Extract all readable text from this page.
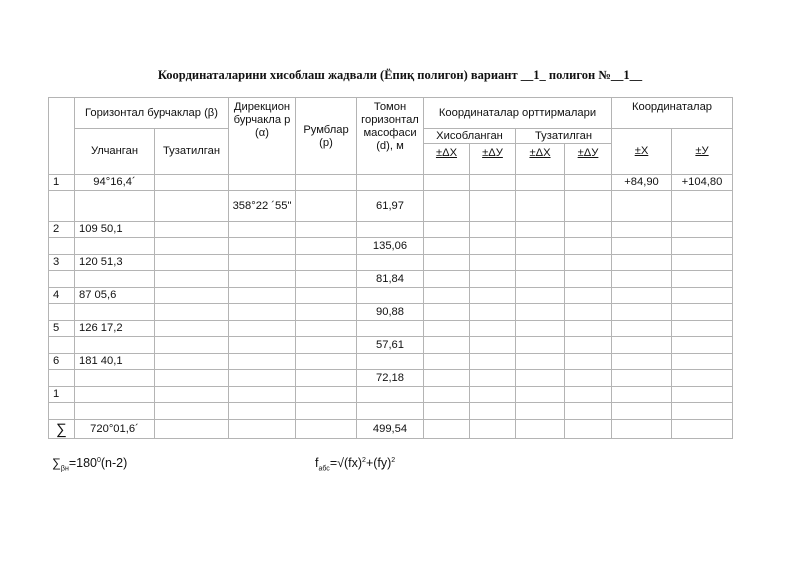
Координаталарини хисоблаш жадвали (Ёпиқ полигон) вариант __1_ полигон №__1__
	Горизонтал бурчаклар (β)		Дирекцион бурчакла р (α)	Румблар (р)	Томон горизонтал масофаси (d), м	Координаталар орттирмалари				Координаталар	
	Улчанган	Тузатилган				Хисобланган		Тузатилган		±Х	±У
						±ΔХ	±ΔУ	±ΔХ	±ΔУ		
1	94°16,4´									+84,90	+104,80
			358°22 ´55"		61,97						
2	109 50,1										
					135,06						
3	120 51,3										
					81,84						
4	87 05,6										
					90,88						
5	126 17,2										
					57,61						
6	181 40,1										
					72,18						
1											

∑	720°01,6´				499,54						
$\sum_{\beta н}=180^0(n-2)$	$f_{абс}=√(fx)^2+(fy)^2$
